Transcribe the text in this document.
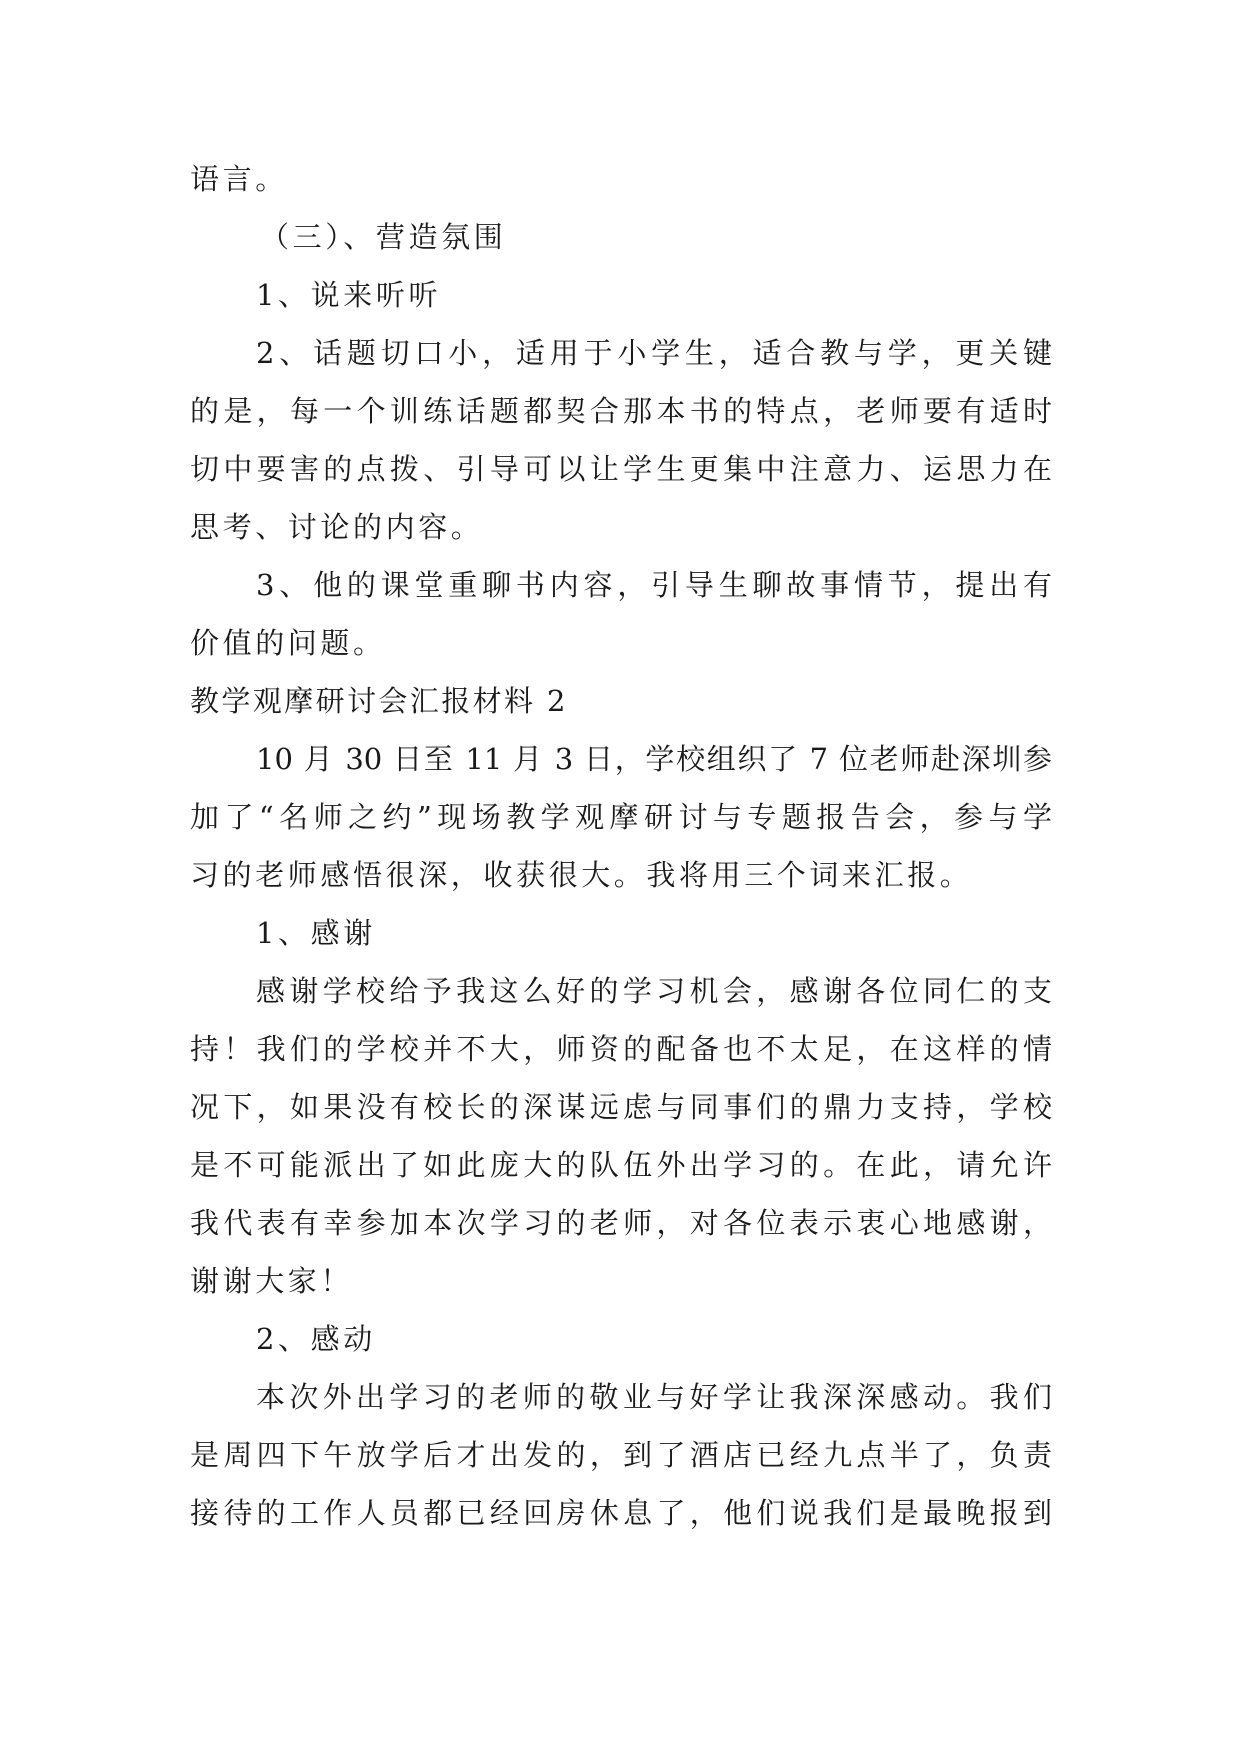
语言。
（三）、营造氛围
1、说来听听
2、话题切口小，适用于小学生，适合教与学，更关键
的是，每一个训练话题都契合那本书的特点，老师要有适时
切中要害的点拨、引导可以让学生更集中注意力、运思力在
思考、讨论的内容。
3、他的课堂重聊书内容，引导生聊故事情节，提出有
价值的问题。
教学观摩研讨会汇报材料 2
10 月 30 日至 11 月 3 日，学校组织了 7 位老师赴深圳参
加了“名师之约”现场教学观摩研讨与专题报告会，参与学
习的老师感悟很深，收获很大。我将用三个词来汇报。
1、感谢
感谢学校给予我这么好的学习机会，感谢各位同仁的支
持！我们的学校并不大，师资的配备也不太足，在这样的情
况下，如果没有校长的深谋远虑与同事们的鼎力支持，学校
是不可能派出了如此庞大的队伍外出学习的。在此，请允许
我代表有幸参加本次学习的老师，对各位表示衷心地感谢，
谢谢大家！
2、感动
本次外出学习的老师的敬业与好学让我深深感动。我们
是周四下午放学后才出发的，到了酒店已经九点半了，负责
接待的工作人员都已经回房休息了，他们说我们是最晚报到
